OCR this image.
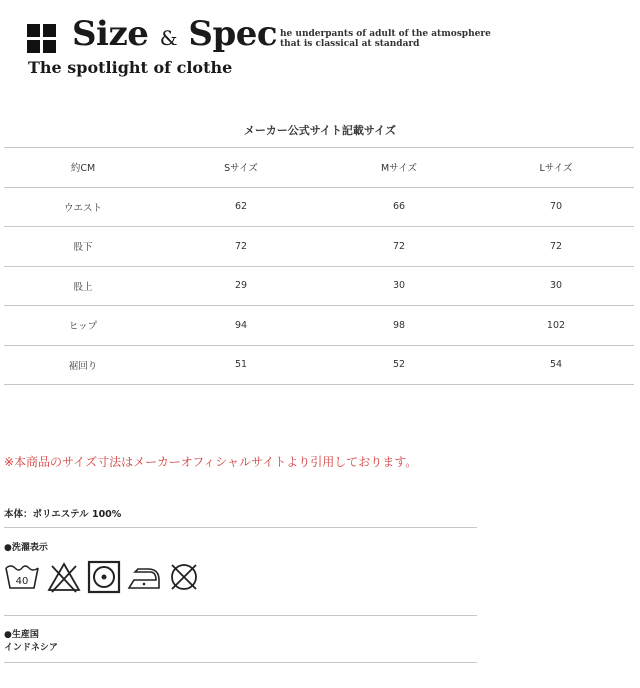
Size & Spec
The spotlight of clothe
he underpants of adult of the atmosphere
that is classical at standard
メーカー公式サイト記載サイズ
約CM	Sサイズ	Mサイズ	Lサイズ
ウエスト	62	66	70
股下	72	72	72
股上	29	30	30
ヒップ	94	98	102
裾回り	51	52	54
※本商品のサイズ寸法はメーカーオフィシャルサイトより引用しております。
本体：ポリエステル 100%
●洗濯表示
40
●生産国
インドネシア
